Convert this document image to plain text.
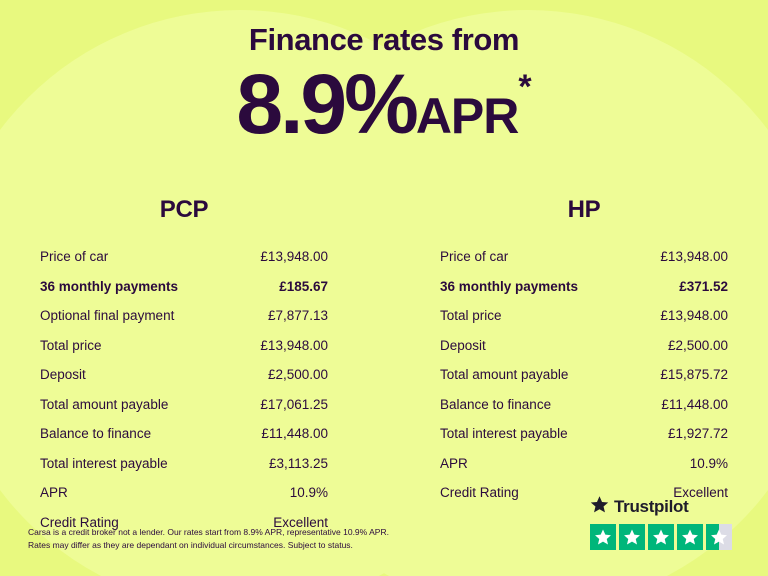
Finance rates from
8.9%APR*
PCP
Price of car	£13,948.00
36 monthly payments	£185.67
Optional final payment	£7,877.13
Total price	£13,948.00
Deposit	£2,500.00
Total amount payable	£17,061.25
Balance to finance	£11,448.00
Total interest payable	£3,113.25
APR	10.9%
Credit Rating	Excellent
HP
Price of car	£13,948.00
36 monthly payments	£371.52
Total price	£13,948.00
Deposit	£2,500.00
Total amount payable	£15,875.72
Balance to finance	£11,448.00
Total interest payable	£1,927.72
APR	10.9%
Credit Rating	Excellent
Carsa is a credit broker not a lender. Our rates start from 8.9% APR, representative 10.9% APR.
Rates may differ as they are dependant on individual circumstances. Subject to status.
Trustpilot
